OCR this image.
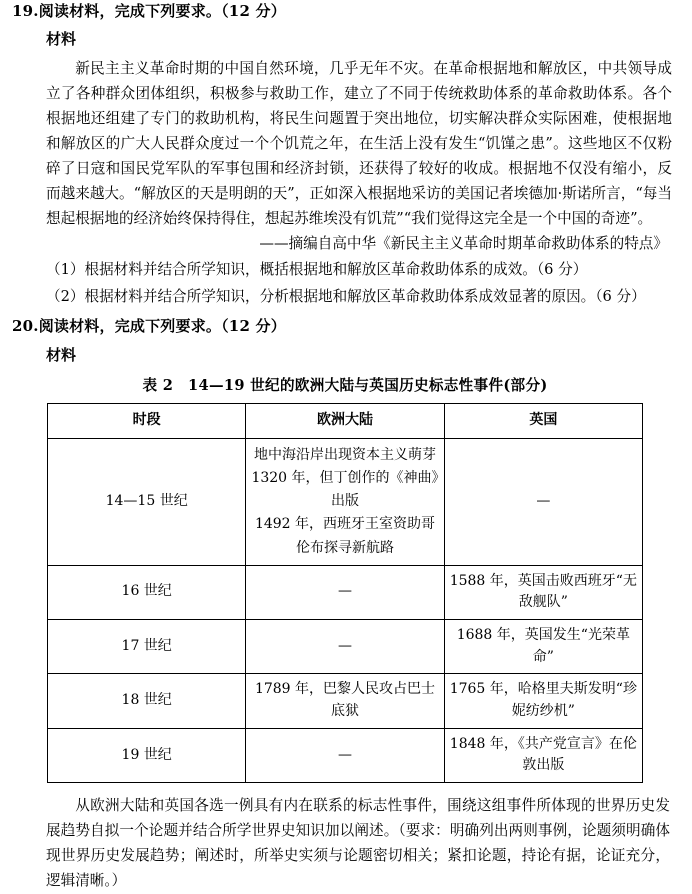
19. 阅读材料，完成下列要求。（12 分）
材料
新民主主义革命时期的中国自然环境，几乎无年不灾。在革命根据地和解放区，中共领导成立了各种群众团体组织，积极参与救助工作，建立了不同于传统救助体系的革命救助体系。各个根据地还组建了专门的救助机构，将民生问题置于突出地位，切实解决群众实际困难，使根据地和解放区的广大人民群众度过一个个饥荒之年，在生活上没有发生“饥馑之患”。这些地区不仅粉碎了日寇和国民党军队的军事包围和经济封锁，还获得了较好的收成。根据地不仅没有缩小，反而越来越大。“解放区的天是明朗的天”，正如深入根据地采访的美国记者埃德加·斯诺所言，“每当想起根据地的经济始终保持得住，想起苏维埃没有饥荒”“我们觉得这完全是一个中国的奇迹”。
——摘编自高中华《新民主主义革命时期革命救助体系的特点》
（1）根据材料并结合所学知识，概括根据地和解放区革命救助体系的成效。（6 分）
（2）根据材料并结合所学知识，分析根据地和解放区革命救助体系成效显著的原因。（6 分）
20. 阅读材料，完成下列要求。（12 分）
材料
表 2　14—19 世纪的欧洲大陆与英国历史标志性事件(部分)
时段	欧洲大陆	英国
14—15 世纪	地中海沿岸出现资本主义萌芽
1320 年，但丁创作的《神曲》出版
1492 年，西班牙王室资助哥伦布探寻新航路	—
16 世纪	—	1588 年，英国击败西班牙“无敌舰队”
17 世纪	—	1688 年，英国发生“光荣革命”
18 世纪	1789 年，巴黎人民攻占巴士底狱	1765 年，哈格里夫斯发明“珍妮纺纱机”
19 世纪	—	1848 年，《共产党宣言》在伦敦出版
从欧洲大陆和英国各选一例具有内在联系的标志性事件，围绕这组事件所体现的世界历史发展趋势自拟一个论题并结合所学世界史知识加以阐述。（要求：明确列出两则事例，论题须明确体现世界历史发展趋势；阐述时，所举史实须与论题密切相关；紧扣论题，持论有据，论证充分，逻辑清晰。）
